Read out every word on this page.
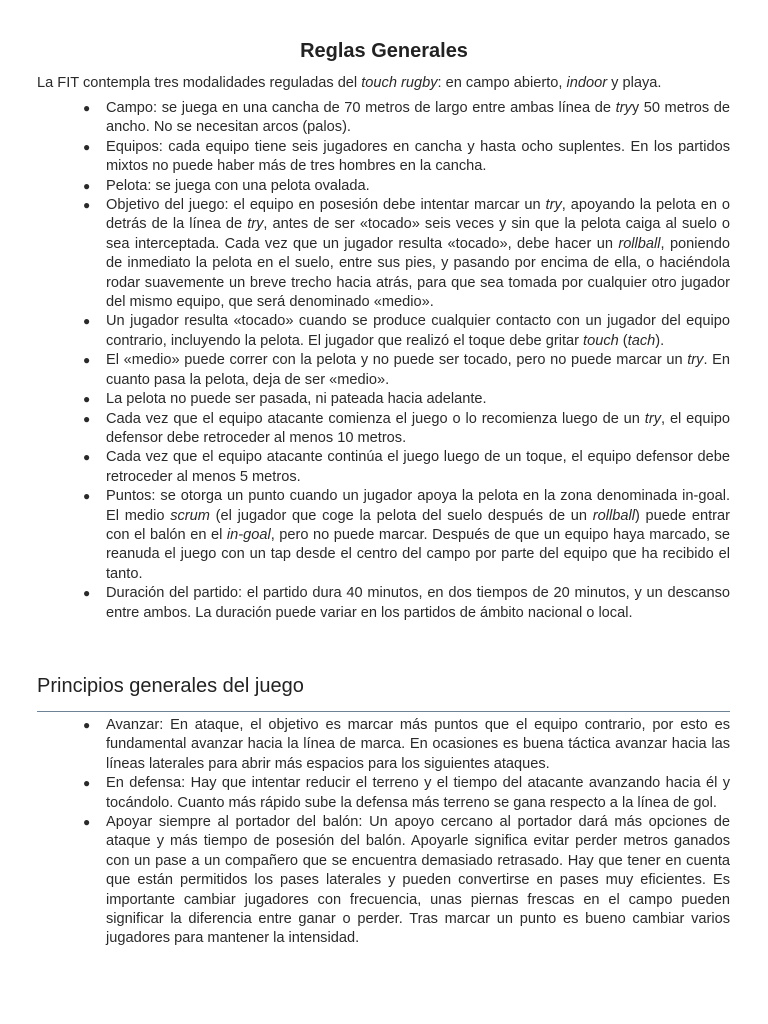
Reglas Generales
La FIT contempla tres modalidades reguladas del touch rugby: en campo abierto, indoor y playa.
● Campo: se juega en una cancha de 70 metros de largo entre ambas línea de tryy 50 metros de ancho. No se necesitan arcos (palos).
● Equipos: cada equipo tiene seis jugadores en cancha y hasta ocho suplentes. En los partidos mixtos no puede haber más de tres hombres en la cancha.
● Pelota: se juega con una pelota ovalada.
● Objetivo del juego: el equipo en posesión debe intentar marcar un try, apoyando la pelota en o detrás de la línea de try, antes de ser «tocado» seis veces y sin que la pelota caiga al suelo o sea interceptada. Cada vez que un jugador resulta «tocado», debe hacer un rollball, poniendo de inmediato la pelota en el suelo, entre sus pies, y pasando por encima de ella, o haciéndola rodar suavemente un breve trecho hacia atrás, para que sea tomada por cualquier otro jugador del mismo equipo, que será denominado «medio».
● Un jugador resulta «tocado» cuando se produce cualquier contacto con un jugador del equipo contrario, incluyendo la pelota. El jugador que realizó el toque debe gritar touch (tach).
● El «medio» puede correr con la pelota y no puede ser tocado, pero no puede marcar un try. En cuanto pasa la pelota, deja de ser «medio».
● La pelota no puede ser pasada, ni pateada hacia adelante.
● Cada vez que el equipo atacante comienza el juego o lo recomienza luego de un try, el equipo defensor debe retroceder al menos 10 metros.
● Cada vez que el equipo atacante continúa el juego luego de un toque, el equipo defensor debe retroceder al menos 5 metros.
● Puntos: se otorga un punto cuando un jugador apoya la pelota en la zona denominada in-goal. El medio scrum (el jugador que coge la pelota del suelo después de un rollball) puede entrar con el balón en el in-goal, pero no puede marcar. Después de que un equipo haya marcado, se reanuda el juego con un tap desde el centro del campo por parte del equipo que ha recibido el tanto.
● Duración del partido: el partido dura 40 minutos, en dos tiempos de 20 minutos, y un descanso entre ambos. La duración puede variar en los partidos de ámbito nacional o local.
Principios generales del juego
● Avanzar: En ataque, el objetivo es marcar más puntos que el equipo contrario, por esto es fundamental avanzar hacia la línea de marca. En ocasiones es buena táctica avanzar hacia las líneas laterales para abrir más espacios para los siguientes ataques.
● En defensa: Hay que intentar reducir el terreno y el tiempo del atacante avanzando hacia él y tocándolo. Cuanto más rápido sube la defensa más terreno se gana respecto a la línea de gol.
● Apoyar siempre al portador del balón: Un apoyo cercano al portador dará más opciones de ataque y más tiempo de posesión del balón. Apoyarle significa evitar perder metros ganados con un pase a un compañero que se encuentra demasiado retrasado. Hay que tener en cuenta que están permitidos los pases laterales y pueden convertirse en pases muy eficientes. Es importante cambiar jugadores con frecuencia, unas piernas frescas en el campo pueden significar la diferencia entre ganar o perder. Tras marcar un punto es bueno cambiar varios jugadores para mantener la intensidad.
